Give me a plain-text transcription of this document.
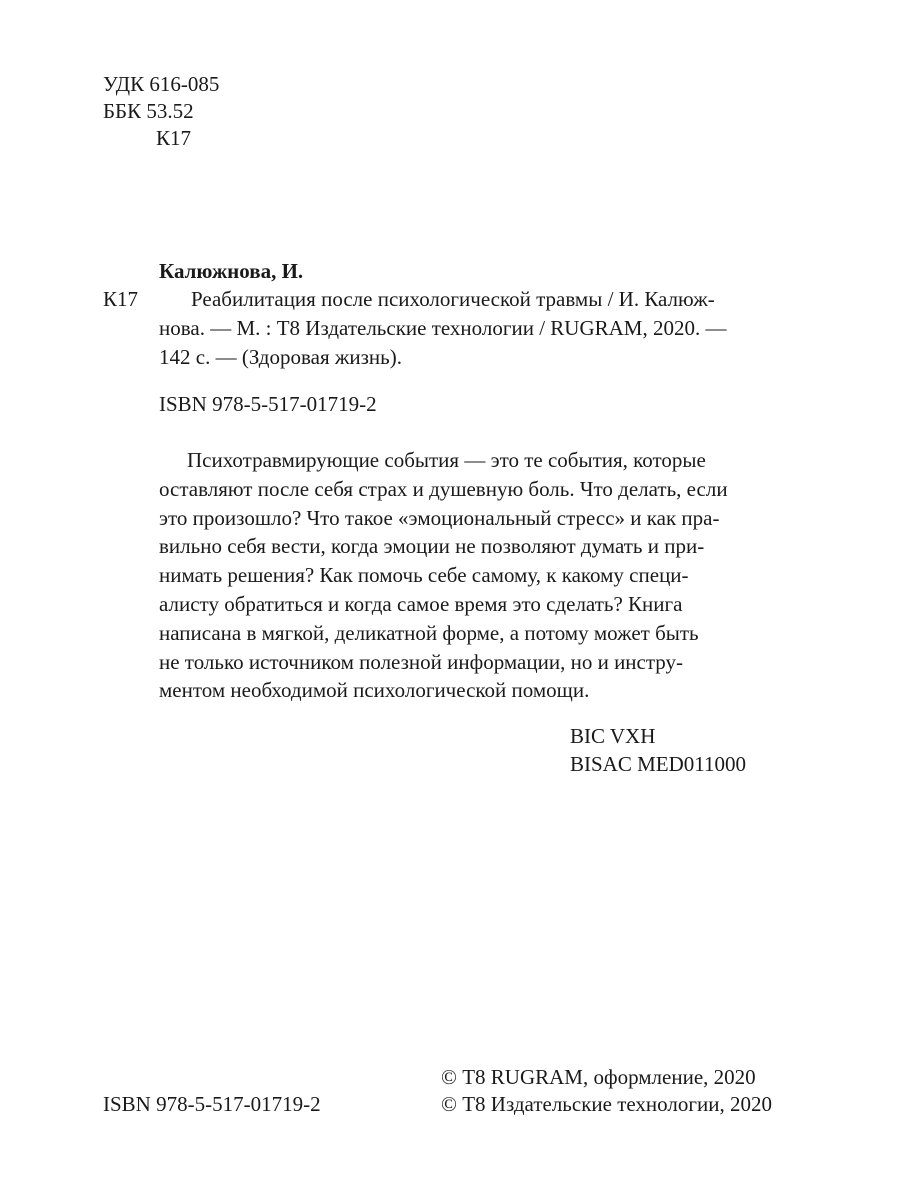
УДК 616-085

ББК 53.52

К17

Калюжнова, И.

К17	Реабилитация после психологической травмы / И. Калюж-
нова. — М. : Т8 Издательские технологии / RUGRAM, 2020. —
142 с. — (Здоровая жизнь).

ISBN 978-5-517-01719-2

Психотравмирующие события — это те события, которые
оставляют после себя страх и душевную боль. Что делать, если
это произошло? Что такое «эмоциональный стресс» и как пра-
вильно себя вести, когда эмоции не позволяют думать и при-
нимать решения? Как помочь себе самому, к какому специ-
алисту обратиться и когда самое время это сделать? Книга
написана в мягкой, деликатной форме, а потому может быть
не только источником полезной информации, но и инстру-
ментом необходимой психологической помощи.

BIC VXH

BISAC MED011000

ISBN 978-5-517-01719-2

© Т8 RUGRAM, оформление, 2020

© Т8 Издательские технологии, 2020
